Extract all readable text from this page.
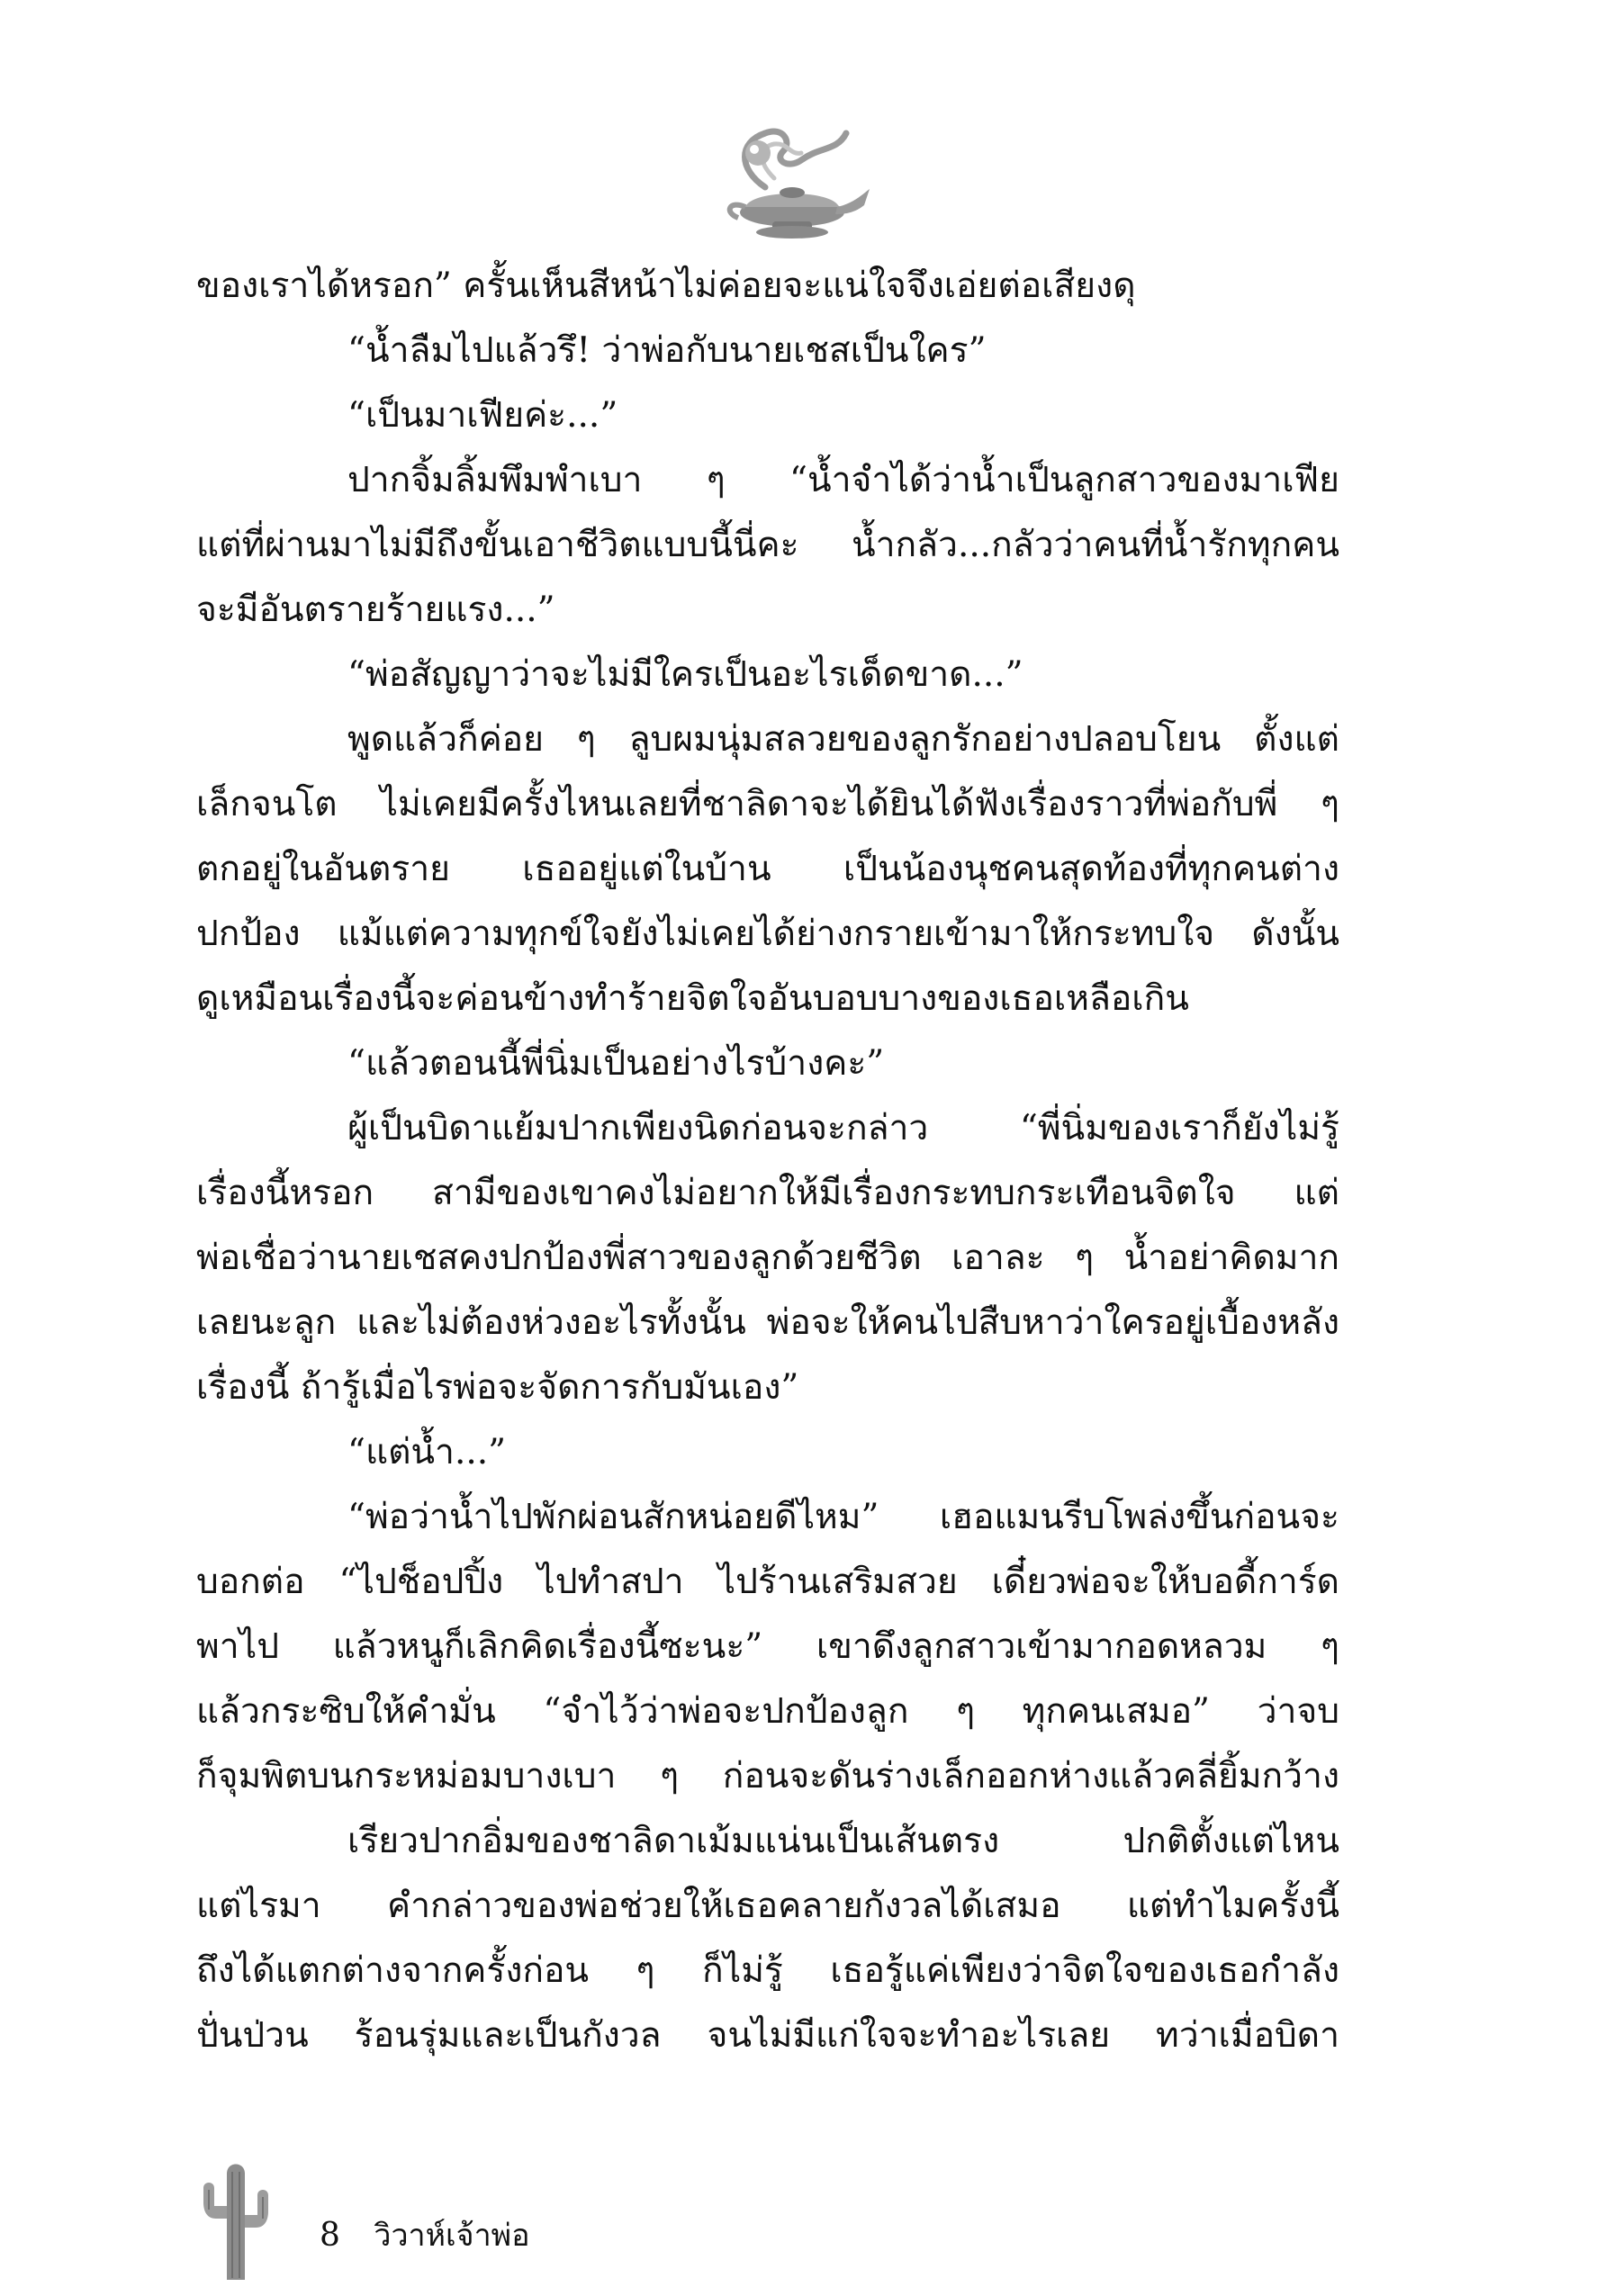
ของเราได้หรอก” ครั้นเห็นสีหน้าไม่ค่อยจะแน่ใจจึงเอ่ยต่อเสียงดุ
“น้ำลืมไปแล้วรึ! ว่าพ่อกับนายเชสเป็นใคร”
“เป็นมาเฟียค่ะ...”
ปากจิ้มลิ้มพึมพำเบา ๆ “น้ำจำได้ว่าน้ำเป็นลูกสาวของมาเฟีย
แต่ที่ผ่านมาไม่มีถึงขั้นเอาชีวิตแบบนี้นี่คะ น้ำกลัว...กลัวว่าคนที่น้ำรักทุกคน
จะมีอันตรายร้ายแรง...”
“พ่อสัญญาว่าจะไม่มีใครเป็นอะไรเด็ดขาด...”
พูดแล้วก็ค่อย ๆ ลูบผมนุ่มสลวยของลูกรักอย่างปลอบโยน ตั้งแต่
เล็กจนโต ไม่เคยมีครั้งไหนเลยที่ชาลิดาจะได้ยินได้ฟังเรื่องราวที่พ่อกับพี่ ๆ
ตกอยู่ในอันตราย เธออยู่แต่ในบ้าน เป็นน้องนุชคนสุดท้องที่ทุกคนต่าง
ปกป้อง แม้แต่ความทุกข์ใจยังไม่เคยได้ย่างกรายเข้ามาให้กระทบใจ ดังนั้น
ดูเหมือนเรื่องนี้จะค่อนข้างทำร้ายจิตใจอันบอบบางของเธอเหลือเกิน
“แล้วตอนนี้พี่นิ่มเป็นอย่างไรบ้างคะ”
ผู้เป็นบิดาแย้มปากเพียงนิดก่อนจะกล่าว “พี่นิ่มของเราก็ยังไม่รู้
เรื่องนี้หรอก สามีของเขาคงไม่อยากให้มีเรื่องกระทบกระเทือนจิตใจ แต่
พ่อเชื่อว่านายเชสคงปกป้องพี่สาวของลูกด้วยชีวิต เอาละ ๆ น้ำอย่าคิดมาก
เลยนะลูก และไม่ต้องห่วงอะไรทั้งนั้น พ่อจะให้คนไปสืบหาว่าใครอยู่เบื้องหลัง
เรื่องนี้ ถ้ารู้เมื่อไรพ่อจะจัดการกับมันเอง”
“แต่น้ำ...”
“พ่อว่าน้ำไปพักผ่อนสักหน่อยดีไหม” เฮอแมนรีบโพล่งขึ้นก่อนจะ
บอกต่อ “ไปช็อปปิ้ง ไปทำสปา ไปร้านเสริมสวย เดี๋ยวพ่อจะให้บอดี้การ์ด
พาไป แล้วหนูก็เลิกคิดเรื่องนี้ซะนะ” เขาดึงลูกสาวเข้ามากอดหลวม ๆ
แล้วกระซิบให้คำมั่น “จำไว้ว่าพ่อจะปกป้องลูก ๆ ทุกคนเสมอ” ว่าจบ
ก็จุมพิตบนกระหม่อมบางเบา ๆ ก่อนจะดันร่างเล็กออกห่างแล้วคลี่ยิ้มกว้าง
เรียวปากอิ่มของชาลิดาเม้มแน่นเป็นเส้นตรง ปกติตั้งแต่ไหน
แต่ไรมา คำกล่าวของพ่อช่วยให้เธอคลายกังวลได้เสมอ แต่ทำไมครั้งนี้
ถึงได้แตกต่างจากครั้งก่อน ๆ ก็ไม่รู้ เธอรู้แค่เพียงว่าจิตใจของเธอกำลัง
ปั่นป่วน ร้อนรุ่มและเป็นกังวล จนไม่มีแก่ใจจะทำอะไรเลย ทว่าเมื่อบิดา
8 วิวาห์เจ้าพ่อ
